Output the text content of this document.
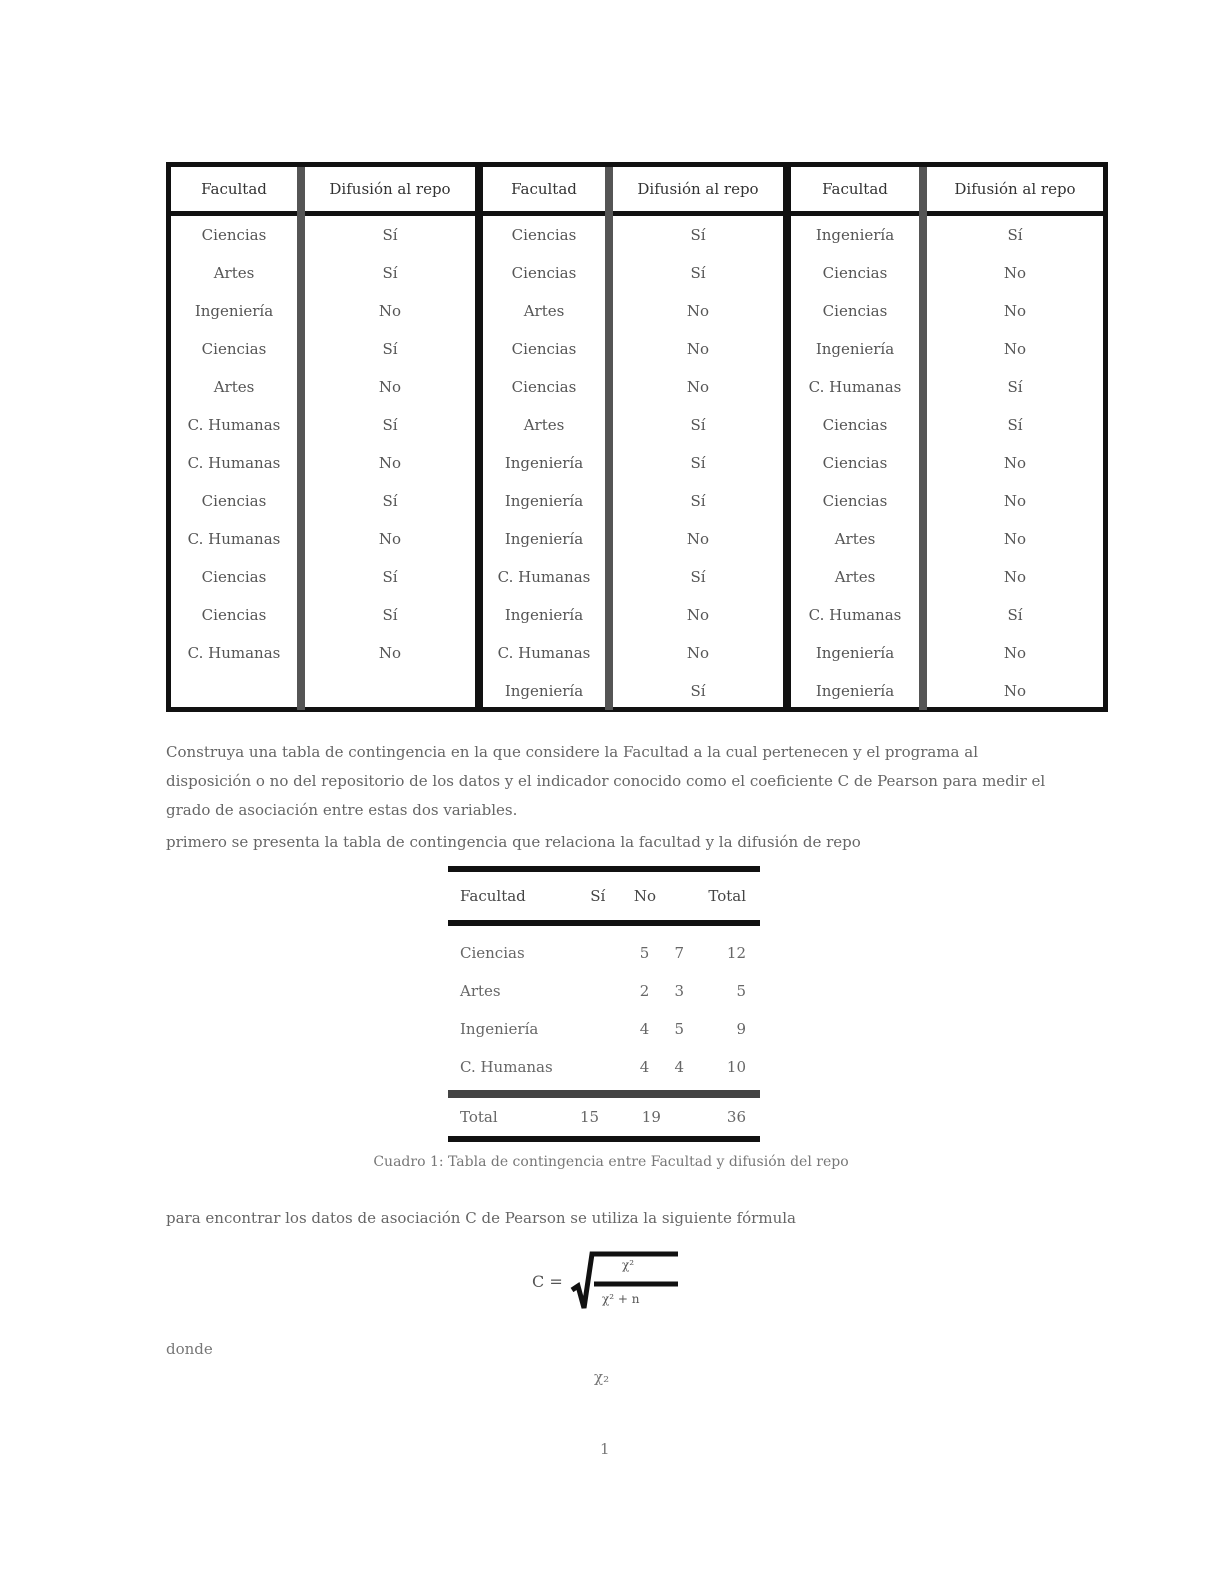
Facultad	Difusión al repo	Facultad	Difusión al repo	Facultad	Difusión al repo
Ciencias	Sí	Ciencias	Sí	Ingeniería	Sí
Artes	Sí	Ciencias	Sí	Ciencias	No
Ingeniería	No	Artes	No	Ciencias	No
Ciencias	Sí	Ciencias	No	Ingeniería	No
Artes	No	Ciencias	No	C. Humanas	Sí
C. Humanas	Sí	Artes	Sí	Ciencias	Sí
C. Humanas	No	Ingeniería	Sí	Ciencias	No
Ciencias	Sí	Ingeniería	Sí	Ciencias	No
C. Humanas	No	Ingeniería	No	Artes	No
Ciencias	Sí	C. Humanas	Sí	Artes	No
Ciencias	Sí	Ingeniería	No	C. Humanas	Sí
C. Humanas	No	C. Humanas	No	Ingeniería	No
		Ingeniería	Sí	Ingeniería	No
Construya una tabla de contingencia en la que considere la Facultad a la cual pertenecen y el programa al disposición o no del repositorio de los datos y el indicador conocido como el coeficiente C de Pearson para medir el grado de asociación entre estas dos variables.
primero se presenta la tabla de contingencia que relaciona la facultad y la difusión de repo
Facultad	Sí	No	Total
Ciencias	5	7	12
Artes	2	3	5
Ingeniería	4	5	9
C. Humanas	4	4	10
Total	15	19	36
Cuadro 1: Tabla de contingencia entre Facultad y difusión del repo
para encontrar los datos de asociación C de Pearson se utiliza la siguiente fórmula
C =
χ²
χ² + n
donde
χ₂
1
